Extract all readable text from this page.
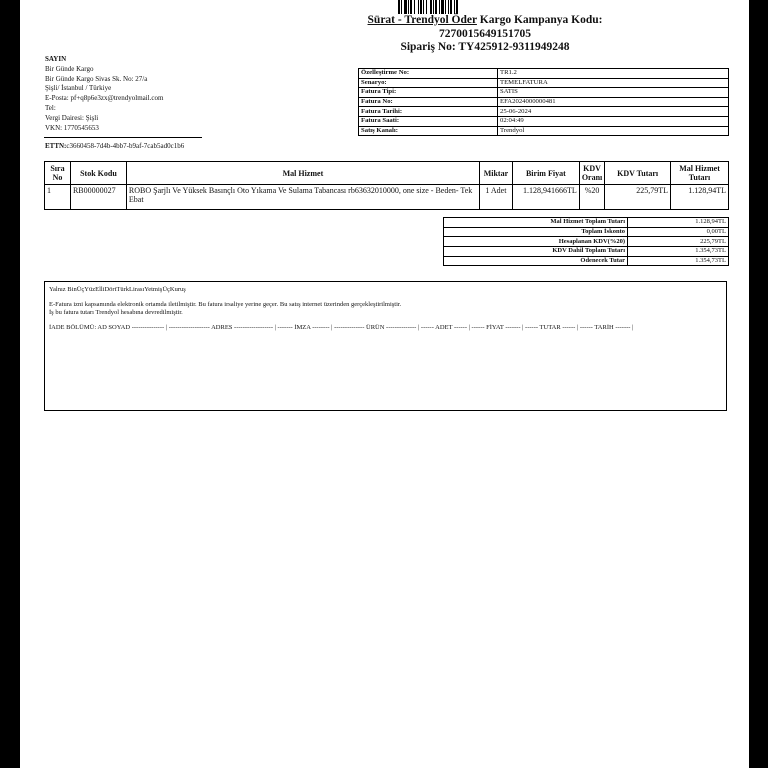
Sürat - Trendyol Öder Kargo Kampanya Kodu:
7270015649151705
Sipariş No: TY425912-9311949248
SAYIN
Bir Günde Kargo
Bir Günde Kargo Sivas Sk. No: 27/a
Şişli/ İstanbul / Türkiye
E-Posta: pf+q8p6e3zx@trendyolmail.com
Tel:
Vergi Dairesi: Şişli
VKN: 1770545653
ETTN:c3660458-7d4b-4bb7-b9af-7cab5ad0c1b6
Özelleştirme No:	TR1.2
Senaryo:	TEMELFATURA
Fatura Tipi:	SATIS
Fatura No:	EFA2024000000481
Fatura Tarihi:	25-06-2024
Fatura Saati:	02:04:49
Satış Kanalı:	Trendyol
Sıra No	Stok Kodu	Mal Hizmet	Miktar	Birim Fiyat	KDV Oranı	KDV Tutarı	Mal Hizmet Tutarı
1	RB00000027	ROBO Şarjlı Ve Yüksek Basınçlı Oto Yıkama Ve Sulama Tabancası rb63632010000, one size - Beden- Tek Ebat	1 Adet	1.128,941666TL	%20	225,79TL	1.128,94TL
Mal Hizmet Toplam Tutarı	1.128,94TL
Toplam İskonto	0,00TL
Hesaplanan KDV(%20)	225,79TL
KDV Dahil Toplam Tutarı	1.354,73TL
Ödenecek Tutar	1.354,73TL
Yalnız BinÜçYüzElliDörtTürkLirasıYetmişÜçKuruş
E-Fatura izni kapsamında elektronik ortamda iletilmiştir. Bu fatura irsaliye yerine geçer. Bu satış internet üzerinden gerçekleştirilmiştir.
İş bu fatura tutarı Trendyol hesabına devredilmiştir.
İADE BÖLÜMÜ: AD SOYAD --------------- | ------------------- ADRES ------------------ | ------- İMZA -------- | -------------- ÜRÜN -------------- | ------ ADET ------ | ------ FİYAT ------- | ------ TUTAR ------ | ------ TARİH ------- |
